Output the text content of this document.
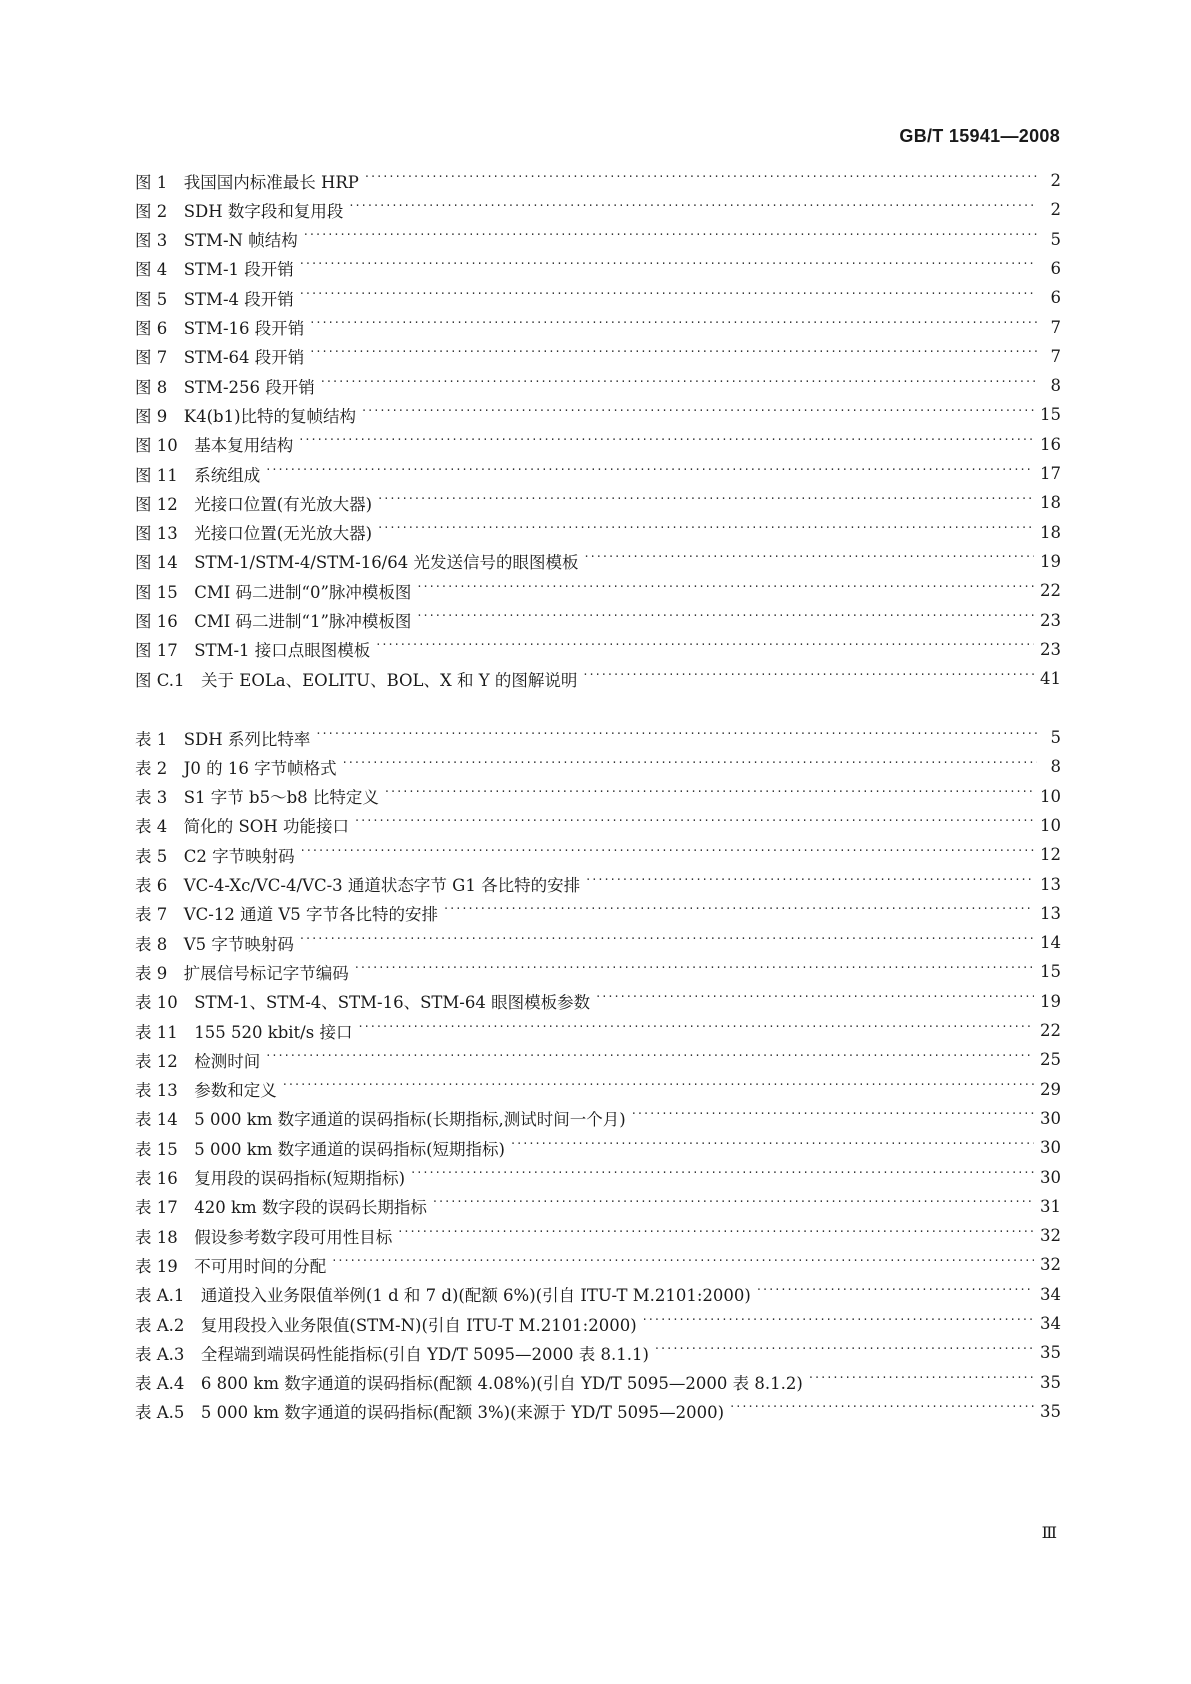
GB/T 15941—2008
图 1　我国国内标准最长 HRP ·····	2
图 2　SDH 数字段和复用段 ·····	2
图 3　STM-N 帧结构 ·····	5
图 4　STM-1 段开销 ·····	6
图 5　STM-4 段开销 ·····	6
图 6　STM-16 段开销 ·····	7
图 7　STM-64 段开销 ·····	7
图 8　STM-256 段开销 ·····	8
图 9　K4(b1)比特的复帧结构 ·····	15
图 10　基本复用结构 ·····	16
图 11　系统组成 ·····	17
图 12　光接口位置(有光放大器) ·····	18
图 13　光接口位置(无光放大器) ·····	18
图 14　STM-1/STM-4/STM-16/64 光发送信号的眼图模板 ·····	19
图 15　CMI 码二进制“0”脉冲模板图 ·····	22
图 16　CMI 码二进制“1”脉冲模板图 ·····	23
图 17　STM-1 接口点眼图模板 ·····	23
图 C.1　关于 EOLa、EOLITU、BOL、X 和 Y 的图解说明 ·····	41
表 1　SDH 系列比特率 ·····	5
表 2　J0 的 16 字节帧格式 ·····	8
表 3　S1 字节 b5～b8 比特定义 ·····	10
表 4　简化的 SOH 功能接口 ·····	10
表 5　C2 字节映射码 ·····	12
表 6　VC-4-Xc/VC-4/VC-3 通道状态字节 G1 各比特的安排 ·····	13
表 7　VC-12 通道 V5 字节各比特的安排 ·····	13
表 8　V5 字节映射码 ·····	14
表 9　扩展信号标记字节编码 ·····	15
表 10　STM-1、STM-4、STM-16、STM-64 眼图模板参数 ·····	19
表 11　155 520 kbit/s 接口 ·····	22
表 12　检测时间 ·····	25
表 13　参数和定义 ·····	29
表 14　5 000 km 数字通道的误码指标(长期指标,测试时间一个月) ·····	30
表 15　5 000 km 数字通道的误码指标(短期指标) ·····	30
表 16　复用段的误码指标(短期指标) ·····	30
表 17　420 km 数字段的误码长期指标 ·····	31
表 18　假设参考数字段可用性目标 ·····	32
表 19　不可用时间的分配 ·····	32
表 A.1　通道投入业务限值举例(1 d 和 7 d)(配额 6%)(引自 ITU-T M.2101:2000) ·····	34
表 A.2　复用段投入业务限值(STM-N)(引自 ITU-T M.2101:2000) ·····	34
表 A.3　全程端到端误码性能指标(引自 YD/T 5095—2000 表 8.1.1) ·····	35
表 A.4　6 800 km 数字通道的误码指标(配额 4.08%)(引自 YD/T 5095—2000 表 8.1.2) ·····	35
表 A.5　5 000 km 数字通道的误码指标(配额 3%)(来源于 YD/T 5095—2000) ·····	35
Ⅲ
